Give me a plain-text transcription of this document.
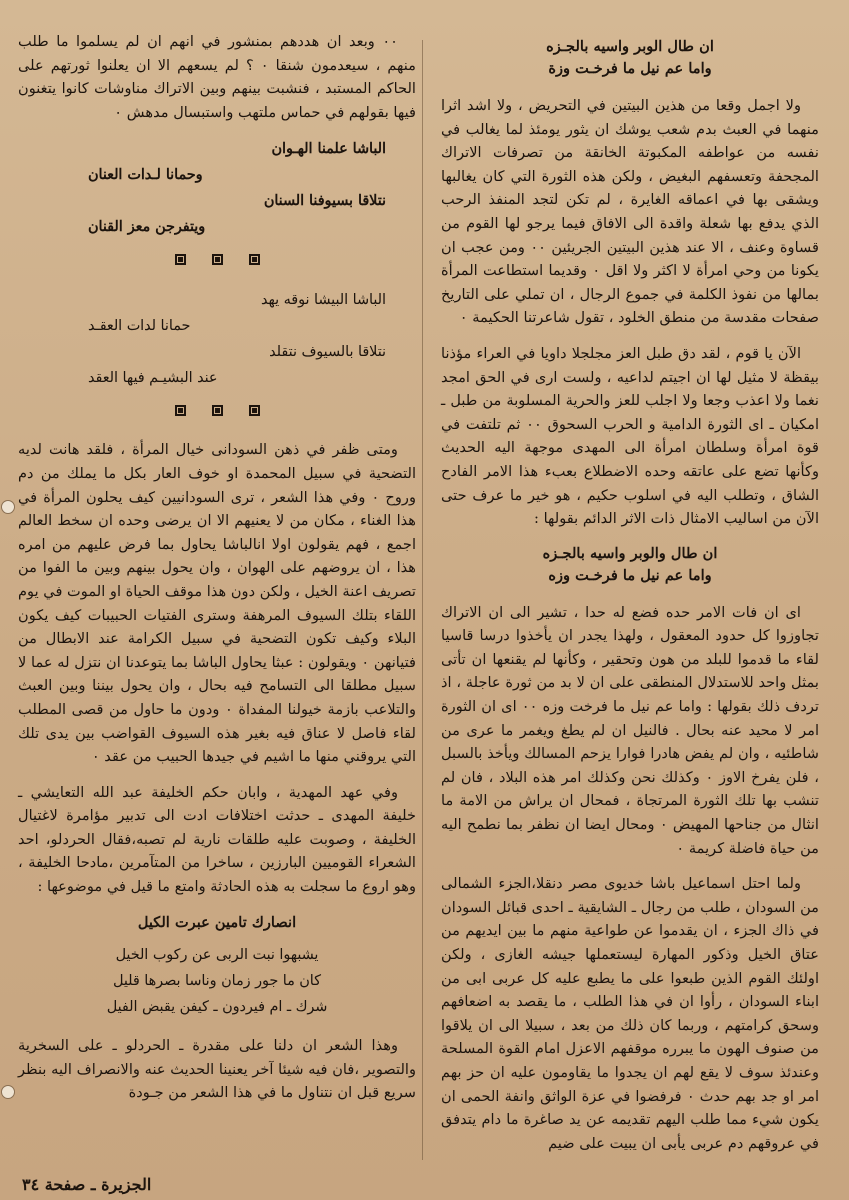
ان طال الوبر واسيه بالجـزه
واما عم نيل ما فرخـت وزة

ولا اجمل وقعا من هذين البيتين في التحريض ، ولا اشد اثرا منهما في العبث بدم شعب يوشك ان يثور يومئذ لما يغالب في نفسه من عواطفه المكبوتة الخانقة من تصرفات الاتراك المجحفة وتعسفهم البغيض ، ولكن هذه الثورة التي كان يغالبها ويشقى بها في اعماقه الغايرة ، لم تكن لتجد المنفذ الرحب الذي يدفع بها شعلة واقدة الى الافاق فيما يرجو لها القوم من قساوة وعنف ، الا عند هذين البيتين الجريئين ٠٠ ومن عجب ان يكونا من وحي امرأة لا اكثر ولا اقل ٠ وقديما استطاعت المرأة بمالها من نفوذ الكلمة في جموع الرجال ، ان تملي على التاريخ صفحات مقدسة من منطق الخلود ، تقول شاعرتنا الحكيمة ٠

الآن يا قوم ، لقد دق طبل العز مجلجلا داويا في العراء مؤذنا بيقظة لا مثيل لها ان اجيتم لداعيه ، ولست ارى في الحق امجد نغما ولا اعذب وجعا ولا اجلب للعز والحرية المسلوبة من طبل ـ امكيان ـ اى الثورة الدامية و الحرب السحوق ٠٠ ثم تلتفت في قوة امرأة وسلطان امرأة الى المهدى موجهة اليه الحديث وكأنها تضع على عاتقه وحده الاضطلاع بعبء هذا الامر الفادح الشاق ، وتطلب اليه في اسلوب حكيم ، هو خير ما عرف حتى الآن من اساليب الامثال ذات الاثر الدائم بقولها :

ان طال والوبر واسيه بالجـزه
واما عم نيل ما فرخـت وزه

اى ان فات الامر حده فضع له حدا ، تشير الى ان الاتراك تجاوزوا كل حدود المعقول ، ولهذا يجدر ان يأخذوا درسا قاسيا لقاء ما قدموا للبلد من هون وتحقير ، وكأنها لم يقنعها ان تأتى بمثل واحد للاستدلال المنطقى على ان لا بد من ثورة عاجلة ، اذ تردف ذلك بقولها : واما عم نيل ما فرخت وزه ٠٠ اى ان الثورة امر لا محيد عنه بحال . فالنيل ان لم يطغ ويغمر ما عرى من شاطئيه ، وان لم يفض هادرا فوارا يزحم المسالك ويأخذ بالسبل ، فلن يفرخ الاوز ٠ وكذلك نحن وكذلك امر هذه البلاد ، فان لم تنشب بها تلك الثورة المرتجاة ، فمحال ان يراش من الامة ما انثال من جناحها المهيض ٠ ومحال ايضا ان نظفر بما نطمح اليه من حياة فاضلة كريمة ٠

ولما احتل اسماعيل باشا خديوى مصر دنقلا،الجزء الشمالى من السودان ، طلب من رجال ـ الشايقية ـ احدى قبائل السودان في ذاك الجزء ، ان يقدموا عن طواعية منهم ما بين ايديهم من عتاق الخيل وذكور المهارة ليستعملها جيشه الغازى ، ولكن اولئك القوم الذين طبعوا على ما يطبع عليه كل عربى ابى من ابناء السودان ، رأوا ان في هذا الطلب ، ما يقصد به اضعافهم وسحق كرامتهم ، وربما كان ذلك من بعد ، سبيلا الى ان يلاقوا من صنوف الهون ما يبرره موقفهم الاعزل امام القوة المسلحة وعندئذ سوف لا يقع لهم ان يجدوا ما يقاومون عليه ان حز بهم امر او جد بهم حدث ٠ فرفضوا في عزة الواثق وانفة الحمى ان يكون شيء مما طلب اليهم تقديمه عن يد صاغرة ما دام يتدفق في عروقهم دم عربى يأبى ان يبيت على ضيم

٠٠ وبعد ان هددهم بمنشور في انهم ان لم يسلموا ما طلب منهم ، سيعدمون شنقا ٠ ؟ لم يسعهم الا ان يعلنوا ثورتهم على الحاكم المستبد ، فنشبت بينهم وبين الاتراك مناوشات كانوا يتغنون فيها بقولهم في حماس ملتهب واستبسال مدهش ٠

الباشا علمنا الهـوان
وحمانا لـدات العنان
نتلاقا بسيوفنا السنان
ويتفرجن معز القنان
الباشا البيشا نوقه يهد
حمانا لدات العقـد
نتلاقا بالسيوف نتقلد
عند البشيـم فيها العقد

ومتى ظفر في ذهن السودانى خيال المرأة ، فلقد هانت لديه التضحية في سبيل المحمدة او خوف العار بكل ما يملك من دم وروح ٠ وفي هذا الشعر ، ترى السودانيين كيف يحلون المرأة في هذا الغناء ، مكان من لا يعنيهم الا ان يرضى وحده ان سخط العالم اجمع ، فهم يقولون اولا انالباشا يحاول بما فرض عليهم من امره هذا ، ان يروضهم على الهوان ، وان يحول بينهم وبين ما الفوا من تصريف اعنة الخيل ، ولكن دون هذا موقف الحياة او الموت في يوم اللقاء بتلك السيوف المرهفة وسترى الفتيات الحبيبات كيف يكون البلاء وكيف تكون التضحية في سبيل الكرامة عند الابطال من فتيانهن ٠ ويقولون : عبثا يحاول الباشا بما يتوعدنا ان نتزل له عما لا سبيل مطلقا الى التسامح فيه بحال ، وان يحول بيننا وبين العبث والتلاعب بازمة خيولنا المفداة ٠ ودون ما حاول من قصى المطلب لقاء فاصل لا عناق فيه بغير هذه السيوف القواضب بين يدى تلك التي يروقني منها ما اشيم في جيدها الحبيب من عقد ٠

وفي عهد المهدية ، وابان حكم الخليفة عبد الله التعايشي ـ خليفة المهدى ـ حدثت اختلافات ادت الى تدبير مؤامرة لاغتيال الخليفة ، وصوبت عليه طلقات نارية لم تصبه،فقال الحردلو، احد الشعراء القوميين البارزين ، ساخرا من المتآمرين ،مادحا الخليفة ، وهو اروع ما سجلت به هذه الحادثة وامتع ما قيل في موضوعها :

انصارك تامين عبرت الكيل
يشبهوا نبت الربى عن ركوب الخيل
كان ما جور زمان وناسا بصرها قليل
شرك ـ ام فيردون ـ كيفن يقبض الفيل

وهذا الشعر ان دلنا على مقدرة ـ الحردلو ـ على السخرية والتصوير ،فان فيه شيئا آخر يعنينا الحديث عنه والانصراف اليه بنظر سريع قبل ان نتناول ما في هذا الشعر من جـودة

الجزيرة ـ صفحة ٣٤
